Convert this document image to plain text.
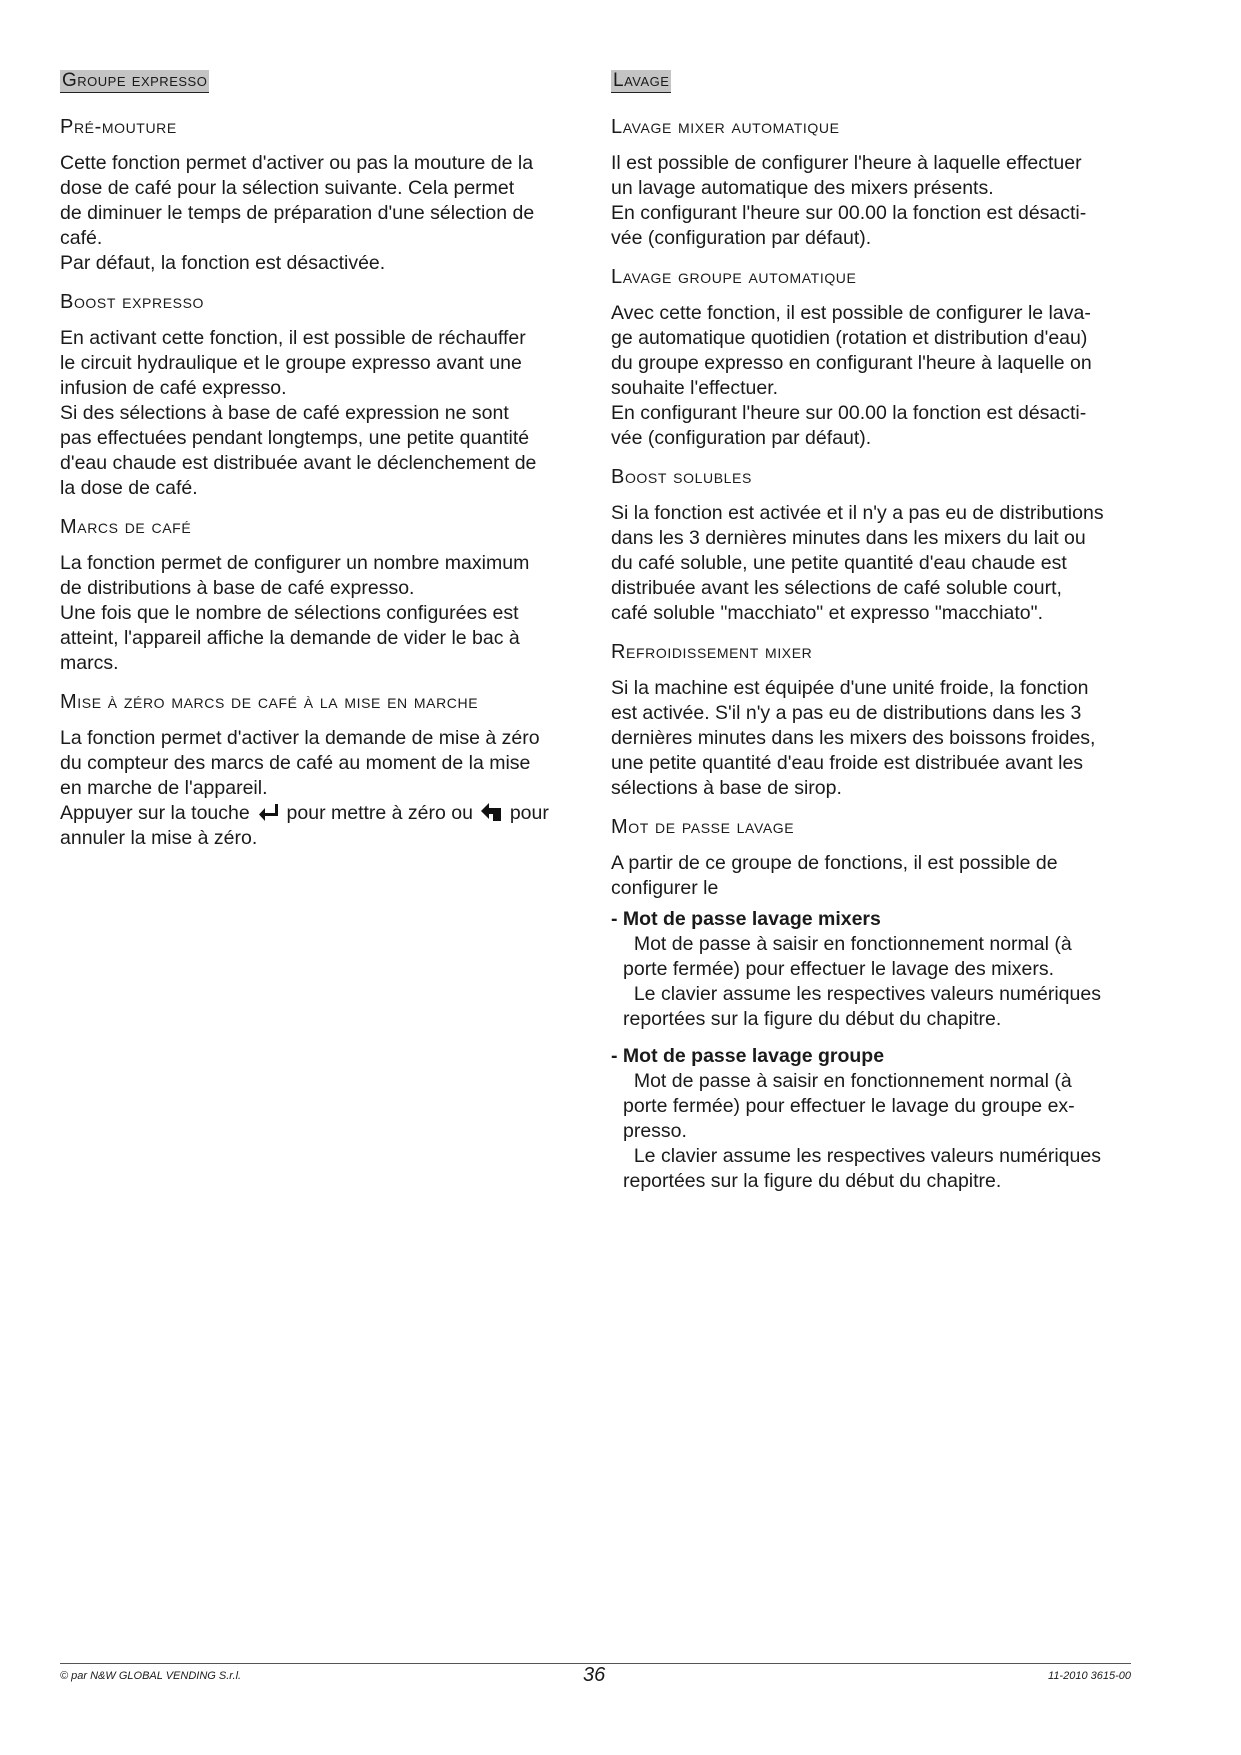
Groupe expresso
Pré-mouture

Cette fonction permet d'activer ou pas la mouture de la
dose de café pour la sélection suivante. Cela permet
de diminuer le temps de préparation d'une sélection de
café.
Par défaut, la fonction est désactivée.

Boost expresso

En activant cette fonction, il est possible de réchauffer
le circuit hydraulique et le groupe expresso avant une
infusion de café expresso.
Si des sélections à base de café expression ne sont
pas effectuées pendant longtemps, une petite quantité
d'eau chaude est distribuée avant le déclenchement de
la dose de café.

Marcs de café

La fonction permet de configurer un nombre maximum
de distributions à base de café expresso.
Une fois que le nombre de sélections configurées est
atteint, l'appareil affiche la demande de vider le bac à
marcs.

Mise à zéro marcs de café à la mise en marche

La fonction permet d'activer la demande de mise à zéro
du compteur des marcs de café au moment de la mise
en marche de l'appareil.
Appuyer sur la touche pour mettre à zéro ou pour
annuler la mise à zéro.

Lavage
Lavage mixer automatique

Il est possible de configurer l'heure à laquelle effectuer
un lavage automatique des mixers présents.
En configurant l'heure sur 00.00 la fonction est désacti-
vée (configuration par défaut).

Lavage groupe automatique

Avec cette fonction, il est possible de configurer le lava-
ge automatique quotidien (rotation et distribution d'eau)
du groupe expresso en configurant l'heure à laquelle on
souhaite l'effectuer.
En configurant l'heure sur 00.00 la fonction est désacti-
vée (configuration par défaut).

Boost solubles

Si la fonction est activée et il n'y a pas eu de distributions
dans les 3 dernières minutes dans les mixers du lait ou
du café soluble, une petite quantité d'eau chaude est
distribuée avant les sélections de café soluble court,
café soluble "macchiato" et expresso "macchiato".

Refroidissement mixer

Si la machine est équipée d'une unité froide, la fonction
est activée. S'il n'y a pas eu de distributions dans les 3
dernières minutes dans les mixers des boissons froides,
une petite quantité d'eau froide est distribuée avant les
sélections à base de sirop.

Mot de passe lavage

A partir de ce groupe de fonctions, il est possible de
configurer le

- Mot de passe lavage mixers

Mot de passe à saisir en fonctionnement normal (à
porte fermée) pour effectuer le lavage des mixers.
Le clavier assume les respectives valeurs numériques
reportées sur la figure du début du chapitre.

- Mot de passe lavage groupe

Mot de passe à saisir en fonctionnement normal (à
porte fermée) pour effectuer le lavage du groupe ex-
presso.
Le clavier assume les respectives valeurs numériques
reportées sur la figure du début du chapitre.

© par N&W GLOBAL VENDING S.r.l.	36	11-2010 3615-00
